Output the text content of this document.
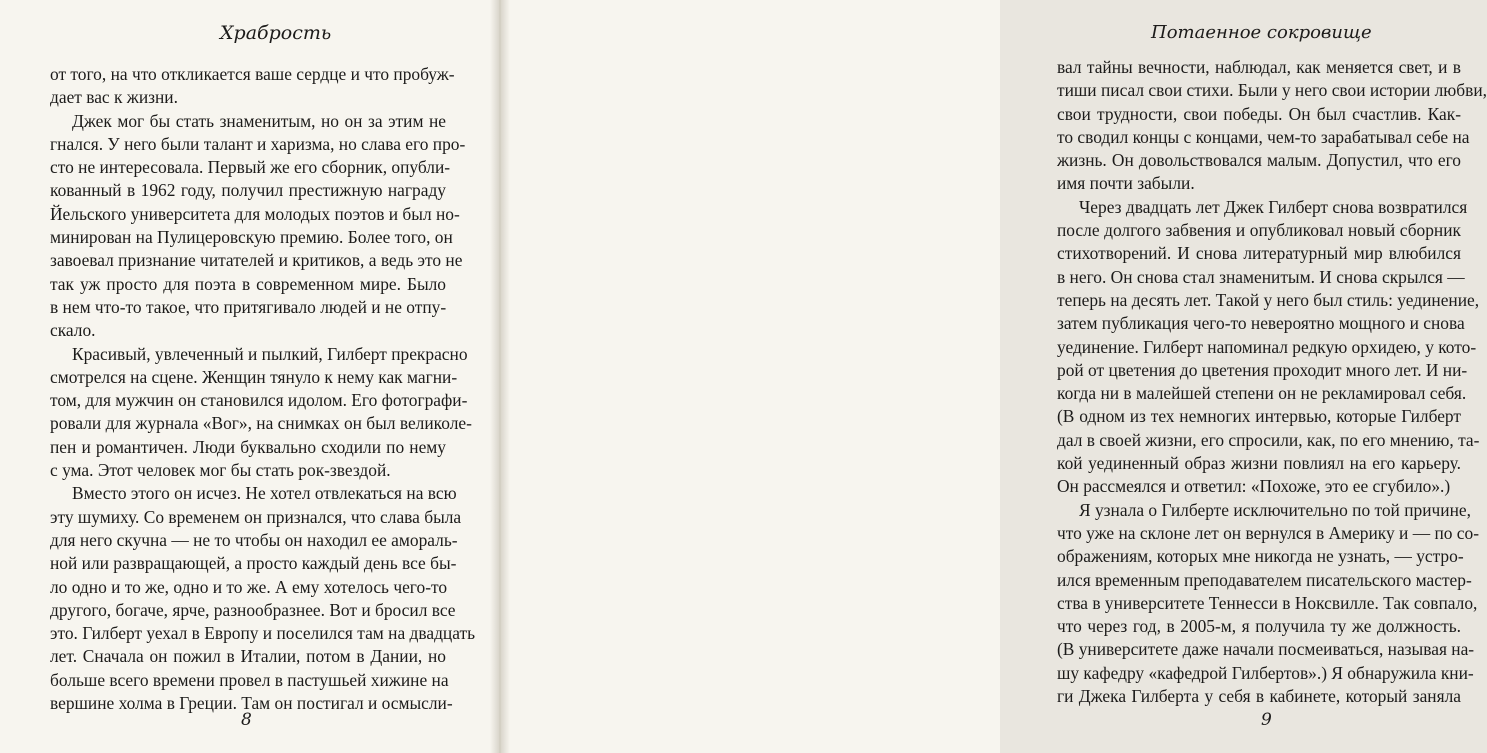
Храбрость
от того, на что откликается ваше сердце и что пробуж-
дает вас к жизни.
Джек мог бы стать знаменитым, но он за этим не
гнался. У него были талант и харизма, но слава его про-
сто не интересовала. Первый же его сборник, опубли-
кованный в 1962 году, получил престижную награду
Йельского университета для молодых поэтов и был но-
минирован на Пулицеровскую премию. Более того, он
завоевал признание читателей и критиков, а ведь это не
так уж просто для поэта в современном мире. Было
в нем что-то такое, что притягивало людей и не отпу-
скало.
Красивый, увлеченный и пылкий, Гилберт прекрасно
смотрелся на сцене. Женщин тянуло к нему как магни-
том, для мужчин он становился идолом. Его фотографи-
ровали для журнала «Вог», на снимках он был великоле-
пен и романтичен. Люди буквально сходили по нему
с ума. Этот человек мог бы стать рок-звездой.
Вместо этого он исчез. Не хотел отвлекаться на всю
эту шумиху. Со временем он признался, что слава была
для него скучна — не то чтобы он находил ее амораль-
ной или развращающей, а просто каждый день все бы-
ло одно и то же, одно и то же. А ему хотелось чего-то
другого, богаче, ярче, разнообразнее. Вот и бросил все
это. Гилберт уехал в Европу и поселился там на двадцать
лет. Сначала он пожил в Италии, потом в Дании, но
больше всего времени провел в пастушьей хижине на
вершине холма в Греции. Там он постигал и осмысли-
8
Потаенное сокровище
вал тайны вечности, наблюдал, как меняется свет, и в
тиши писал свои стихи. Были у него свои истории любви,
свои трудности, свои победы. Он был счастлив. Как-
то сводил концы с концами, чем-то зарабатывал себе на
жизнь. Он довольствовался малым. Допустил, что его
имя почти забыли.
Через двадцать лет Джек Гилберт снова возвратился
после долгого забвения и опубликовал новый сборник
стихотворений. И снова литературный мир влюбился
в него. Он снова стал знаменитым. И снова скрылся —
теперь на десять лет. Такой у него был стиль: уединение,
затем публикация чего-то невероятно мощного и снова
уединение. Гилберт напоминал редкую орхидею, у кото-
рой от цветения до цветения проходит много лет. И ни-
когда ни в малейшей степени он не рекламировал себя.
(В одном из тех немногих интервью, которые Гилберт
дал в своей жизни, его спросили, как, по его мнению, та-
кой уединенный образ жизни повлиял на его карьеру.
Он рассмеялся и ответил: «Похоже, это ее сгубило».)
Я узнала о Гилберте исключительно по той причине,
что уже на склоне лет он вернулся в Америку и — по со-
ображениям, которых мне никогда не узнать, — устро-
ился временным преподавателем писательского мастер-
ства в университете Теннесси в Ноксвилле. Так совпало,
что через год, в 2005-м, я получила ту же должность.
(В университете даже начали посмеиваться, называя на-
шу кафедру «кафедрой Гилбертов».) Я обнаружила кни-
ги Джека Гилберта у себя в кабинете, который заняла
9
